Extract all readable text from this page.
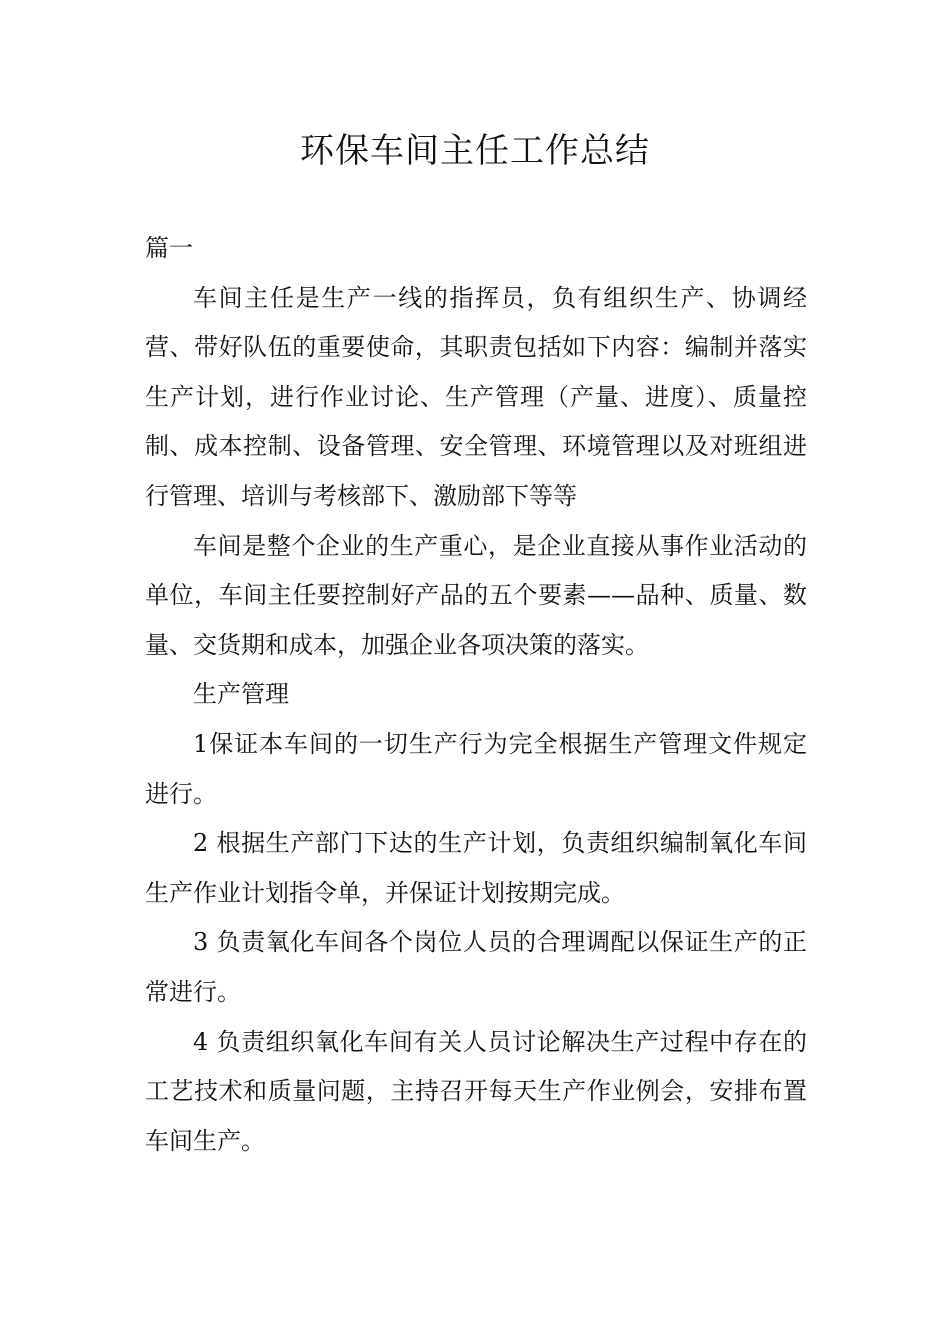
环保车间主任工作总结

篇一

车间主任是生产一线的指挥员，负有组织生产、协调经营、带好队伍的重要使命，其职责包括如下内容：编制并落实生产计划，进行作业讨论、生产管理（产量、进度）、质量控制、成本控制、设备管理、安全管理、环境管理以及对班组进行管理、培训与考核部下、激励部下等等

车间是整个企业的生产重心，是企业直接从事作业活动的单位，车间主任要控制好产品的五个要素——品种、质量、数量、交货期和成本，加强企业各项决策的落实。

生产管理

1保证本车间的一切生产行为完全根据生产管理文件规定进行。

2 根据生产部门下达的生产计划，负责组织编制氧化车间生产作业计划指令单，并保证计划按期完成。

3 负责氧化车间各个岗位人员的合理调配以保证生产的正常进行。

4 负责组织氧化车间有关人员讨论解决生产过程中存在的工艺技术和质量问题，主持召开每天生产作业例会，安排布置车间生产。
